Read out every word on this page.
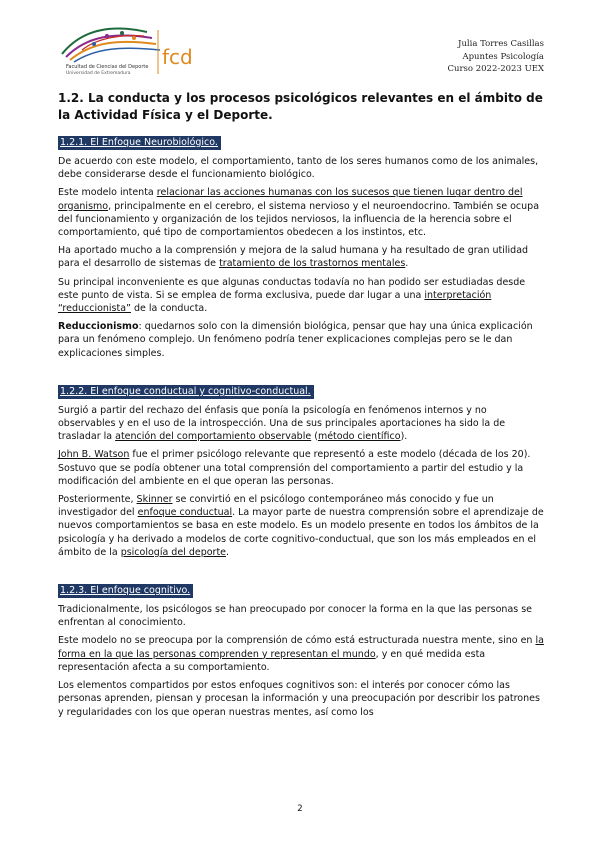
Facultad de Ciencias del Deporte
Universidad de Extremadura
fcd
Julia Torres Casillas
Apuntes Psicología
Curso 2022-2023 UEX
1.2. La conducta y los procesos psicológicos relevantes en el ámbito de la Actividad Física y el Deporte.
1.2.1. El Enfoque Neurobiológico.

De acuerdo con este modelo, el comportamiento, tanto de los seres humanos como de los animales, debe considerarse desde el funcionamiento biológico.

Este modelo intenta relacionar las acciones humanas con los sucesos que tienen lugar dentro del organismo, principalmente en el cerebro, el sistema nervioso y el neuroendocrino. También se ocupa del funcionamiento y organización de los tejidos nerviosos, la influencia de la herencia sobre el comportamiento, qué tipo de comportamientos obedecen a los instintos, etc.

Ha aportado mucho a la comprensión y mejora de la salud humana y ha resultado de gran utilidad para el desarrollo de sistemas de tratamiento de los trastornos mentales.

Su principal inconveniente es que algunas conductas todavía no han podido ser estudiadas desde este punto de vista. Si se emplea de forma exclusiva, puede dar lugar a una interpretación “reduccionista” de la conducta.

Reduccionismo: quedarnos solo con la dimensión biológica, pensar que hay una única explicación para un fenómeno complejo. Un fenómeno podría tener explicaciones complejas pero se le dan explicaciones simples.

1.2.2. El enfoque conductual y cognitivo-conductual.

Surgió a partir del rechazo del énfasis que ponía la psicología en fenómenos internos y no observables y en el uso de la introspección. Una de sus principales aportaciones ha sido la de trasladar la atención del comportamiento observable (método científico).

John B. Watson fue el primer psicólogo relevante que representó a este modelo (década de los 20). Sostuvo que se podía obtener una total comprensión del comportamiento a partir del estudio y la modificación del ambiente en el que operan las personas.

Posteriormente, Skinner se convirtió en el psicólogo contemporáneo más conocido y fue un investigador del enfoque conductual. La mayor parte de nuestra comprensión sobre el aprendizaje de nuevos comportamientos se basa en este modelo. Es un modelo presente en todos los ámbitos de la psicología y ha derivado a modelos de corte cognitivo-conductual, que son los más empleados en el ámbito de la psicología del deporte.

1.2.3. El enfoque cognitivo.

Tradicionalmente, los psicólogos se han preocupado por conocer la forma en la que las personas se enfrentan al conocimiento.

Este modelo no se preocupa por la comprensión de cómo está estructurada nuestra mente, sino en la forma en la que las personas comprenden y representan el mundo, y en qué medida esta representación afecta a su comportamiento.

Los elementos compartidos por estos enfoques cognitivos son: el interés por conocer cómo las personas aprenden, piensan y procesan la información y una preocupación por describir los patrones y regularidades con los que operan nuestras mentes, así como los

2
